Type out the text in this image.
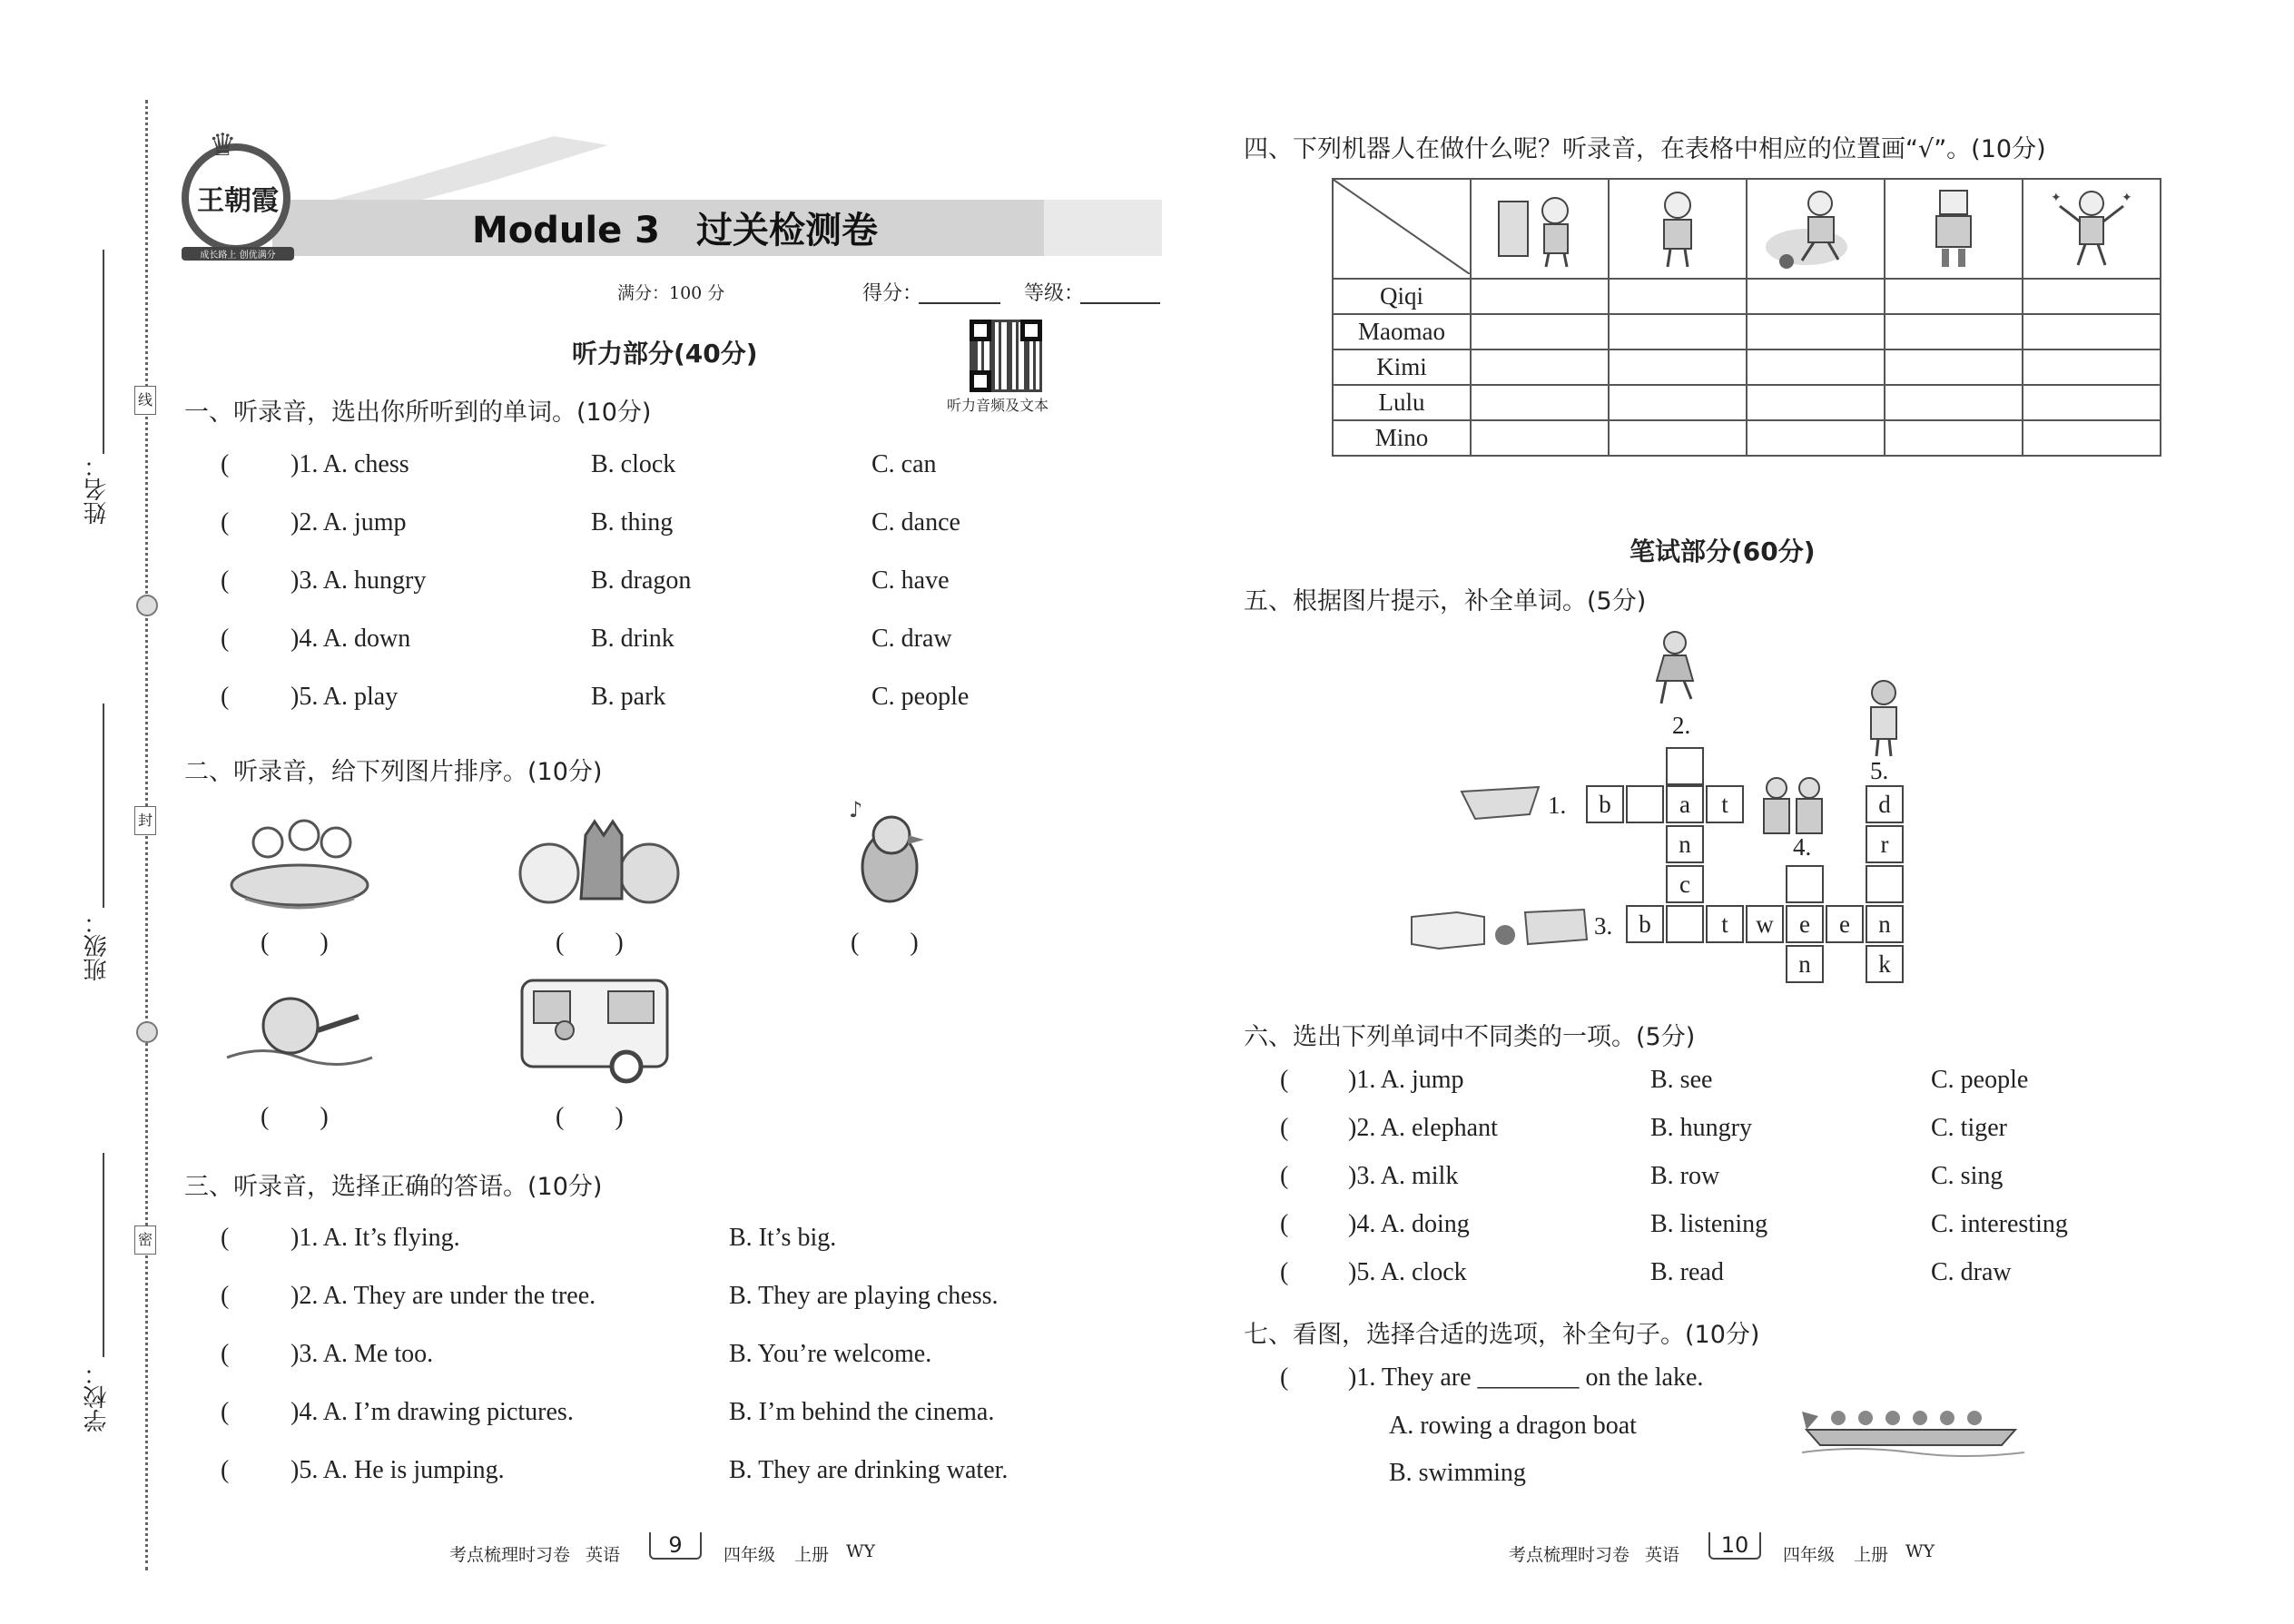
姓名：
班级：
学校：
线
封
密
王朝霞
成长路上 创优满分
♛
Module 3　过关检测卷
满分：100 分	得分：	等级：
听力音频及文本
听力部分(40分)
一、听录音，选出你所听到的单词。(10分)
( )1. A. chess	B. clock	C. can
( )2. A. jump	B. thing	C. dance
( )3. A. hungry	B. dragon	C. have
( )4. A. down	B. drink	C. draw
( )5. A. play	B. park	C. people
二、听录音，给下列图片排序。(10分)
(　　)	(　　)
♪
(　　)
(　　)	(　　)
三、听录音，选择正确的答语。(10分)
( )1. A. It’s flying.	B. It’s big.
( )2. A. They are under the tree.	B. They are playing chess.
( )3. A. Me too.	B. You’re welcome.
( )4. A. I’m drawing pictures.	B. I’m behind the cinema.
( )5. A. He is jumping.	B. They are drinking water.
考点梳理时习卷 英语	9	四年级 上册 WY
四、下列机器人在做什么呢？听录音，在表格中相应的位置画“√”。(10分)

✦ ✦

Qiqi					
Maomao					
Kimi					
Lulu					
Mino					
笔试部分(60分)
五、根据图片提示，补全单词。(5分)
2.
5.
1.
4.
3.
b	a	t
n
c
d
r
b	t	w	e	e	n
n	k
六、选出下列单词中不同类的一项。(5分)
( )1. A. jump	B. see	C. people
( )2. A. elephant	B. hungry	C. tiger
( )3. A. milk	B. row	C. sing
( )4. A. doing	B. listening	C. interesting
( )5. A. clock	B. read	C. draw
七、看图，选择合适的选项，补全句子。(10分)
( )1. They are ________ on the lake.
A. rowing a dragon boat
B. swimming
考点梳理时习卷 英语	10	四年级 上册 WY
